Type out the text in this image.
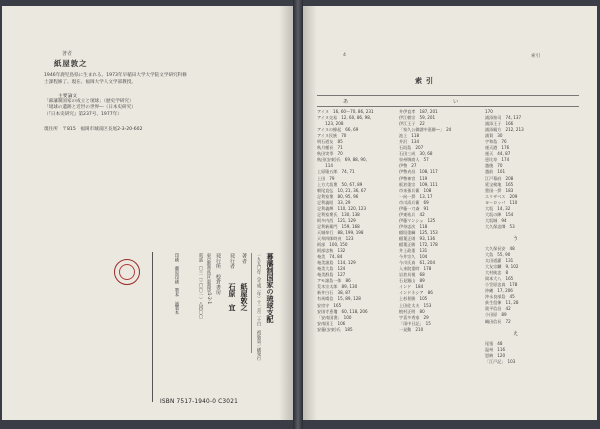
著者
紙屋敦之
1946年鹿児島県に生まれる。1973年早稲田大学大学院文学研究科修
士課程修了。現在、福岡大学人文学部教授。
主要論文
「幕藩制国家の成立と琉球」（歴史学研究）
「琉球の遺跡と近世の世界―（日本史研究）
（『日本史研究』第237号、1977年）
現住所　〒815　福岡市城南区長尾2-3-20-602
幕藩制国家の琉球支配
一九九〇年（平成二年）十二月二十日　初版第一刷発行
著者
紙屋敦之
発行者
石原　宜
発行所　校倉書房
東京都豊島区東池袋1-2-1
電話　〇三（三〇〇一）八四〇〇
印刷　藤原印刷　製本　誠製本
ISBN 7517-1940-0 C3021
4	索引
索引
あ	い
アイヌ　16, 60〜70, 86, 231
アイヌ交易　12, 60, 86, 98,
　　123, 208
アイヌの蜂起　66, 69
アイヌ民族　70
明石道友　85
秋月種長　71
秋田実季　70
秋田(安東)氏　69, 88, 90,
　　114
上原隆五郎　74, 71
上田　79
上方大坂衆　50, 67, 89
朝尾直弘　10, 21, 36, 67
足利家衆　80, 95, 96
足利義昭　33, 29
足利義輝　110, 120, 123
足利家衆氏　130, 138
阿多内西　121, 129
足利新衛門　159, 168
天城奉行　88, 199, 198
天草四郎時貞　123
阿部　100, 150
阿部忠秋　132
奄美　74, 84
奄美諸島　114, 129
奄美大島　124
奄美群島　127
アモ諸島一体　86
荒木宗太郎　89, 130
新井白石　38, 87
有馬晴信　15, 89, 128
安房守　165
安国寺恵瓊　60, 118, 206
「安南国書」　100
安南国王　106
安藤(安東)氏　185
井伊直孝　187, 201
伊江朝宗　59, 201
伊江王子　22
「家久公御譜中嘉勝―」　24
池上　118
井沢　134
石垣島　207
石田三成　30, 68
泉州堺商人　57
伊勢　27
伊勢貞昌　108, 117
伊勢神宮　119
板倉重宗　109, 111
市来孫兵衛　108
一向一揆　13, 17
市川清兵衛　69
伊藤一刀斎　91
伊東祐兵　42
伊藤マンショ　125
伊奈忠次　118
稲垣重綱　125, 153
稲葉正則　93, 136
稲葉正勝　172, 178
井上政重　131
今井宗久　104
今川氏真　61, 204
入来院重時　178
岩倉具視　68
石見銀山　89
インド　184
インドネシア　86
上杉景勝　105
上田佐太夫　153
植村正明　80
宇喜多秀家　29
「雨中日記」　15
一発動　210
170
浦添按司　74, 137
浦添王子　166
浦添親方　212, 213
浦賀　30
宇和島　76
運天港　176
運天　44, 87
恵比寿　174
越後　70
越前　101
江戸幕府　208
延宝検地　165
豊国一揆　183
エリザベス　209
ヨーロッパ　110
大坂　14, 32
大坂の陣　154
大坂城　94
大久保忠隣　53
う
大久保長安　48
大島　55, 90
太田道灌　131
大友宗麟　9, 102
大村純忠　8
岡本大八　165
小笠原忠真　178
沖縄　17, 206
沖永良部島　45
荻生徂徠　11, 28
奥平信昌　42
小田原　89
織田信長　72
え
尾張　48
温州　116
恩納　120
「江戸記」　103
